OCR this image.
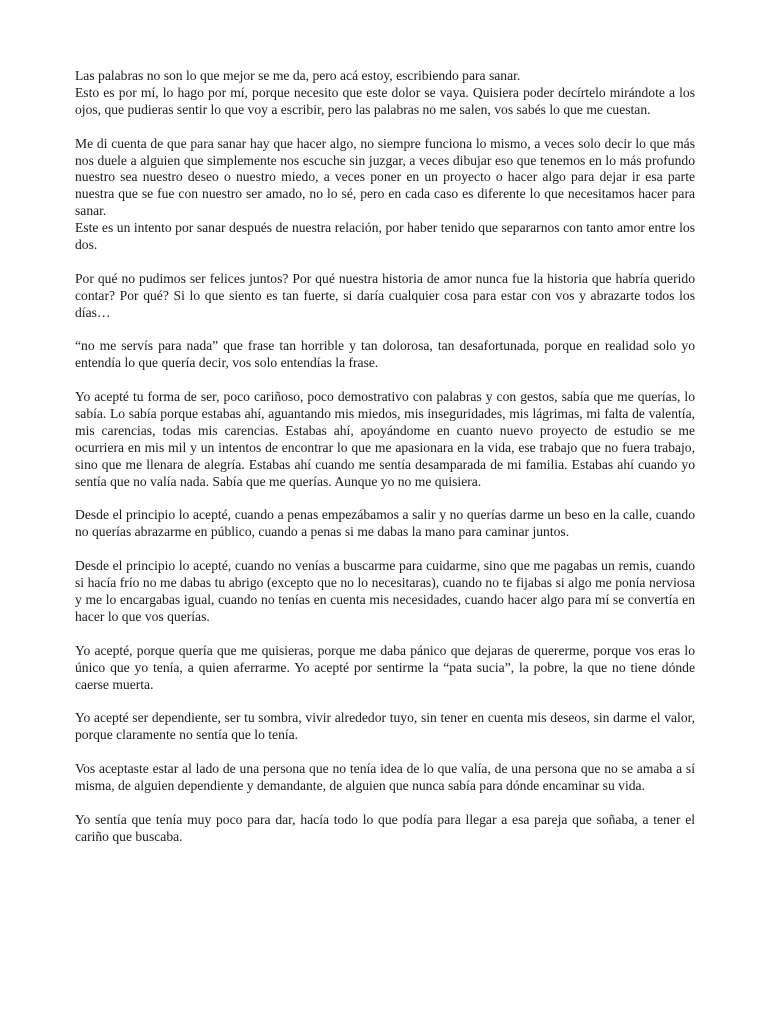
Las palabras no son lo que mejor se me da, pero acá estoy, escribiendo para sanar.
Esto es por mí, lo hago por mí, porque necesito que este dolor se vaya. Quisiera poder decírtelo mirándote a los ojos, que pudieras sentir lo que voy a escribir, pero las palabras no me salen, vos sabés lo que me cuestan.

Me di cuenta de que para sanar hay que hacer algo, no siempre funciona lo mismo, a veces solo decir lo que más nos duele a alguien que simplemente nos escuche sin juzgar, a veces dibujar eso que tenemos en lo más profundo nuestro sea nuestro deseo o nuestro miedo, a veces poner en un proyecto o hacer algo para dejar ir esa parte nuestra que se fue con nuestro ser amado, no lo sé, pero en cada caso es diferente lo que necesitamos hacer para sanar.
Este es un intento por sanar después de nuestra relación, por haber tenido que separarnos con tanto amor entre los dos.

Por qué no pudimos ser felices juntos? Por qué nuestra historia de amor nunca fue la historia que habría querido contar? Por qué? Si lo que siento es tan fuerte, si daría cualquier cosa para estar con vos y abrazarte todos los días…

“no me servís para nada” que frase tan horrible y tan dolorosa, tan desafortunada, porque en realidad solo yo entendía lo que quería decir, vos solo entendías la frase.

Yo acepté tu forma de ser, poco cariñoso, poco demostrativo con palabras y con gestos, sabía que me querías, lo sabía. Lo sabía porque estabas ahí, aguantando mis miedos, mis inseguridades, mis lágrimas, mi falta de valentía, mis carencias, todas mis carencias. Estabas ahí, apoyándome en cuanto nuevo proyecto de estudio se me ocurriera en mis mil y un intentos de encontrar lo que me apasionara en la vida, ese trabajo que no fuera trabajo, sino que me llenara de alegría. Estabas ahí cuando me sentía desamparada de mi familia. Estabas ahí cuando yo sentía que no valía nada. Sabía que me querías. Aunque yo no me quisiera.

Desde el principio lo acepté, cuando a penas empezábamos a salir y no querías darme un beso en la calle, cuando no querías abrazarme en público, cuando a penas si me dabas la mano para caminar juntos.

Desde el principio lo acepté, cuando no venías a buscarme para cuidarme, sino que me pagabas un remis, cuando si hacía frío no me dabas tu abrigo (excepto que no lo necesitaras), cuando no te fijabas si algo me ponía nerviosa y me lo encargabas igual, cuando no tenías en cuenta mis necesidades, cuando hacer algo para mí se convertía en hacer lo que vos querías.

Yo acepté, porque quería que me quisieras, porque me daba pánico que dejaras de quererme, porque vos eras lo único que yo tenía, a quien aferrarme. Yo acepté por sentirme la “pata sucia”, la pobre, la que no tiene dónde caerse muerta.

Yo acepté ser dependiente, ser tu sombra, vivir alrededor tuyo, sin tener en cuenta mis deseos, sin darme el valor, porque claramente no sentía que lo tenía.

Vos aceptaste estar al lado de una persona que no tenía idea de lo que valía, de una persona que no se amaba a sí misma, de alguien dependiente y demandante, de alguien que nunca sabía para dónde encaminar su vida.

Yo sentía que tenía muy poco para dar, hacía todo lo que podía para llegar a esa pareja que soñaba, a tener el cariño que buscaba.
